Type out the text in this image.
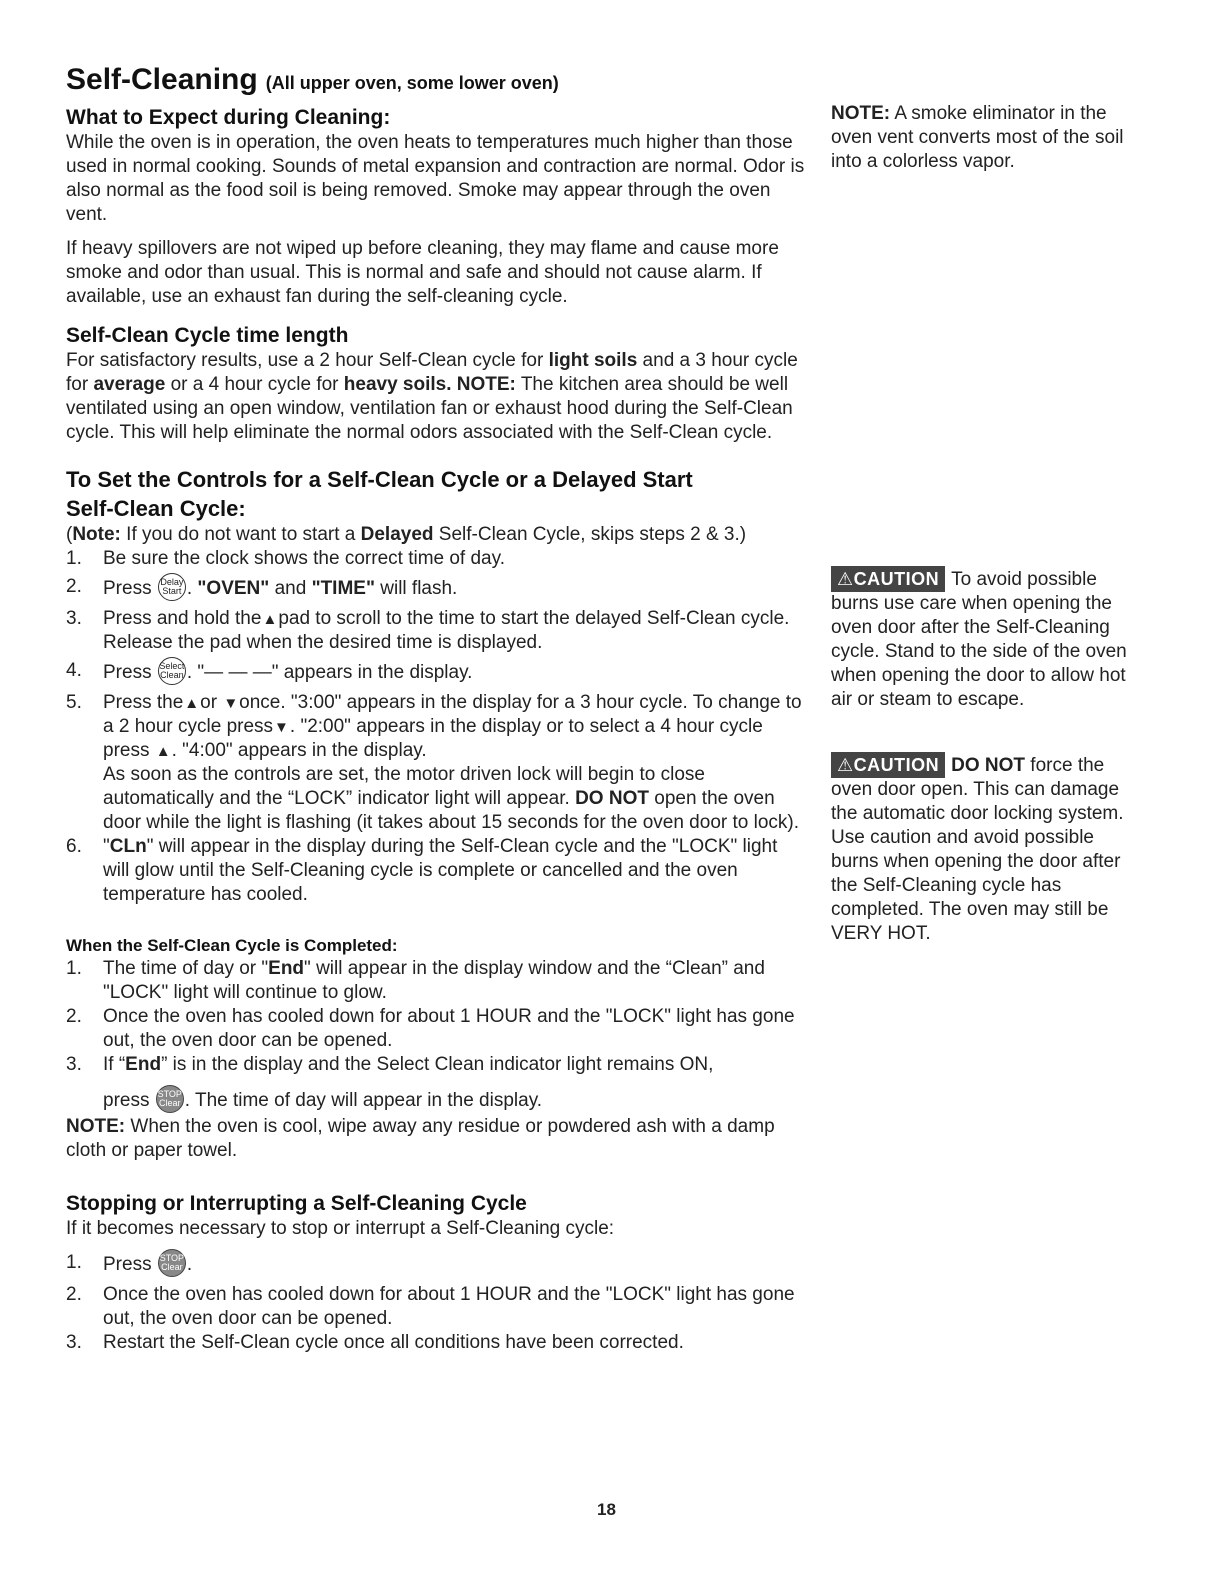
Self-Cleaning (All upper oven, some lower oven)
What to Expect during Cleaning:

While the oven is in operation, the oven heats to temperatures much higher than those used in normal cooking. Sounds of metal expansion and contraction are normal. Odor is also normal as the food soil is being removed. Smoke may appear through the oven vent.

If heavy spillovers are not wiped up before cleaning, they may flame and cause more smoke and odor than usual. This is normal and safe and should not cause alarm. If available, use an exhaust fan during the self-cleaning cycle.

Self-Clean Cycle time length

For satisfactory results, use a 2 hour Self-Clean cycle for light soils and a 3 hour cycle for average or a 4 hour cycle for heavy soils. NOTE: The kitchen area should be well ventilated using an open window, ventilation fan or exhaust hood during the Self-Clean cycle. This will help eliminate the normal odors associated with the Self-Clean cycle.

To Set the Controls for a Self-Clean Cycle or a Delayed Start
Self-Clean Cycle:

(Note: If you do not want to start a Delayed Self-Clean Cycle, skips steps 2 & 3.)

1. Be sure the clock shows the correct time of day.
2. Press Delay Start . "OVEN" and "TIME" will flash.
3. Press and hold the▲pad to scroll to the time to start the delayed Self-Clean cycle. Release the pad when the desired time is displayed.
4. Press Select Clean . "— — —" appears in the display.
5. Press the▲or ▼once. "3:00" appears in the display for a 3 hour cycle. To change to a 2 hour cycle press▼. "2:00" appears in the display or to select a 4 hour cycle press ▲. "4:00" appears in the display.
As soon as the controls are set, the motor driven lock will begin to close automatically and the “LOCK” indicator light will appear. DO NOT open the oven door while the light is flashing (it takes about 15 seconds for the oven door to lock).
6. "CLn" will appear in the display during the Self-Clean cycle and the "LOCK" light will glow until the Self-Cleaning cycle is complete or cancelled and the oven temperature has cooled.
When the Self-Clean Cycle is Completed:
1. The time of day or "End" will appear in the display window and the “Clean” and "LOCK" light will continue to glow.
2. Once the oven has cooled down for about 1 HOUR and the "LOCK" light has gone out, the oven door can be opened.
3. If “End” is in the display and the Select Clean indicator light remains ON,
press STOP Clear . The time of day will appear in the display.

NOTE: When the oven is cool, wipe away any residue or powdered ash with a damp cloth or paper towel.

Stopping or Interrupting a Self-Cleaning Cycle

If it becomes necessary to stop or interrupt a Self-Cleaning cycle:

1. Press STOP Clear .
2. Once the oven has cooled down for about 1 HOUR and the "LOCK" light has gone out, the oven door can be opened.
3. Restart the Self-Clean cycle once all conditions have been corrected.

NOTE: A smoke eliminator in the oven vent converts most of the soil into a colorless vapor.

⚠CAUTION To avoid possible burns use care when opening the oven door after the Self-Cleaning cycle. Stand to the side of the oven when opening the door to allow hot air or steam to escape.

⚠CAUTION DO NOT force the oven door open. This can damage the automatic door locking system. Use caution and avoid possible burns when opening the door after the Self-Cleaning cycle has completed. The oven may still be VERY HOT.

18
